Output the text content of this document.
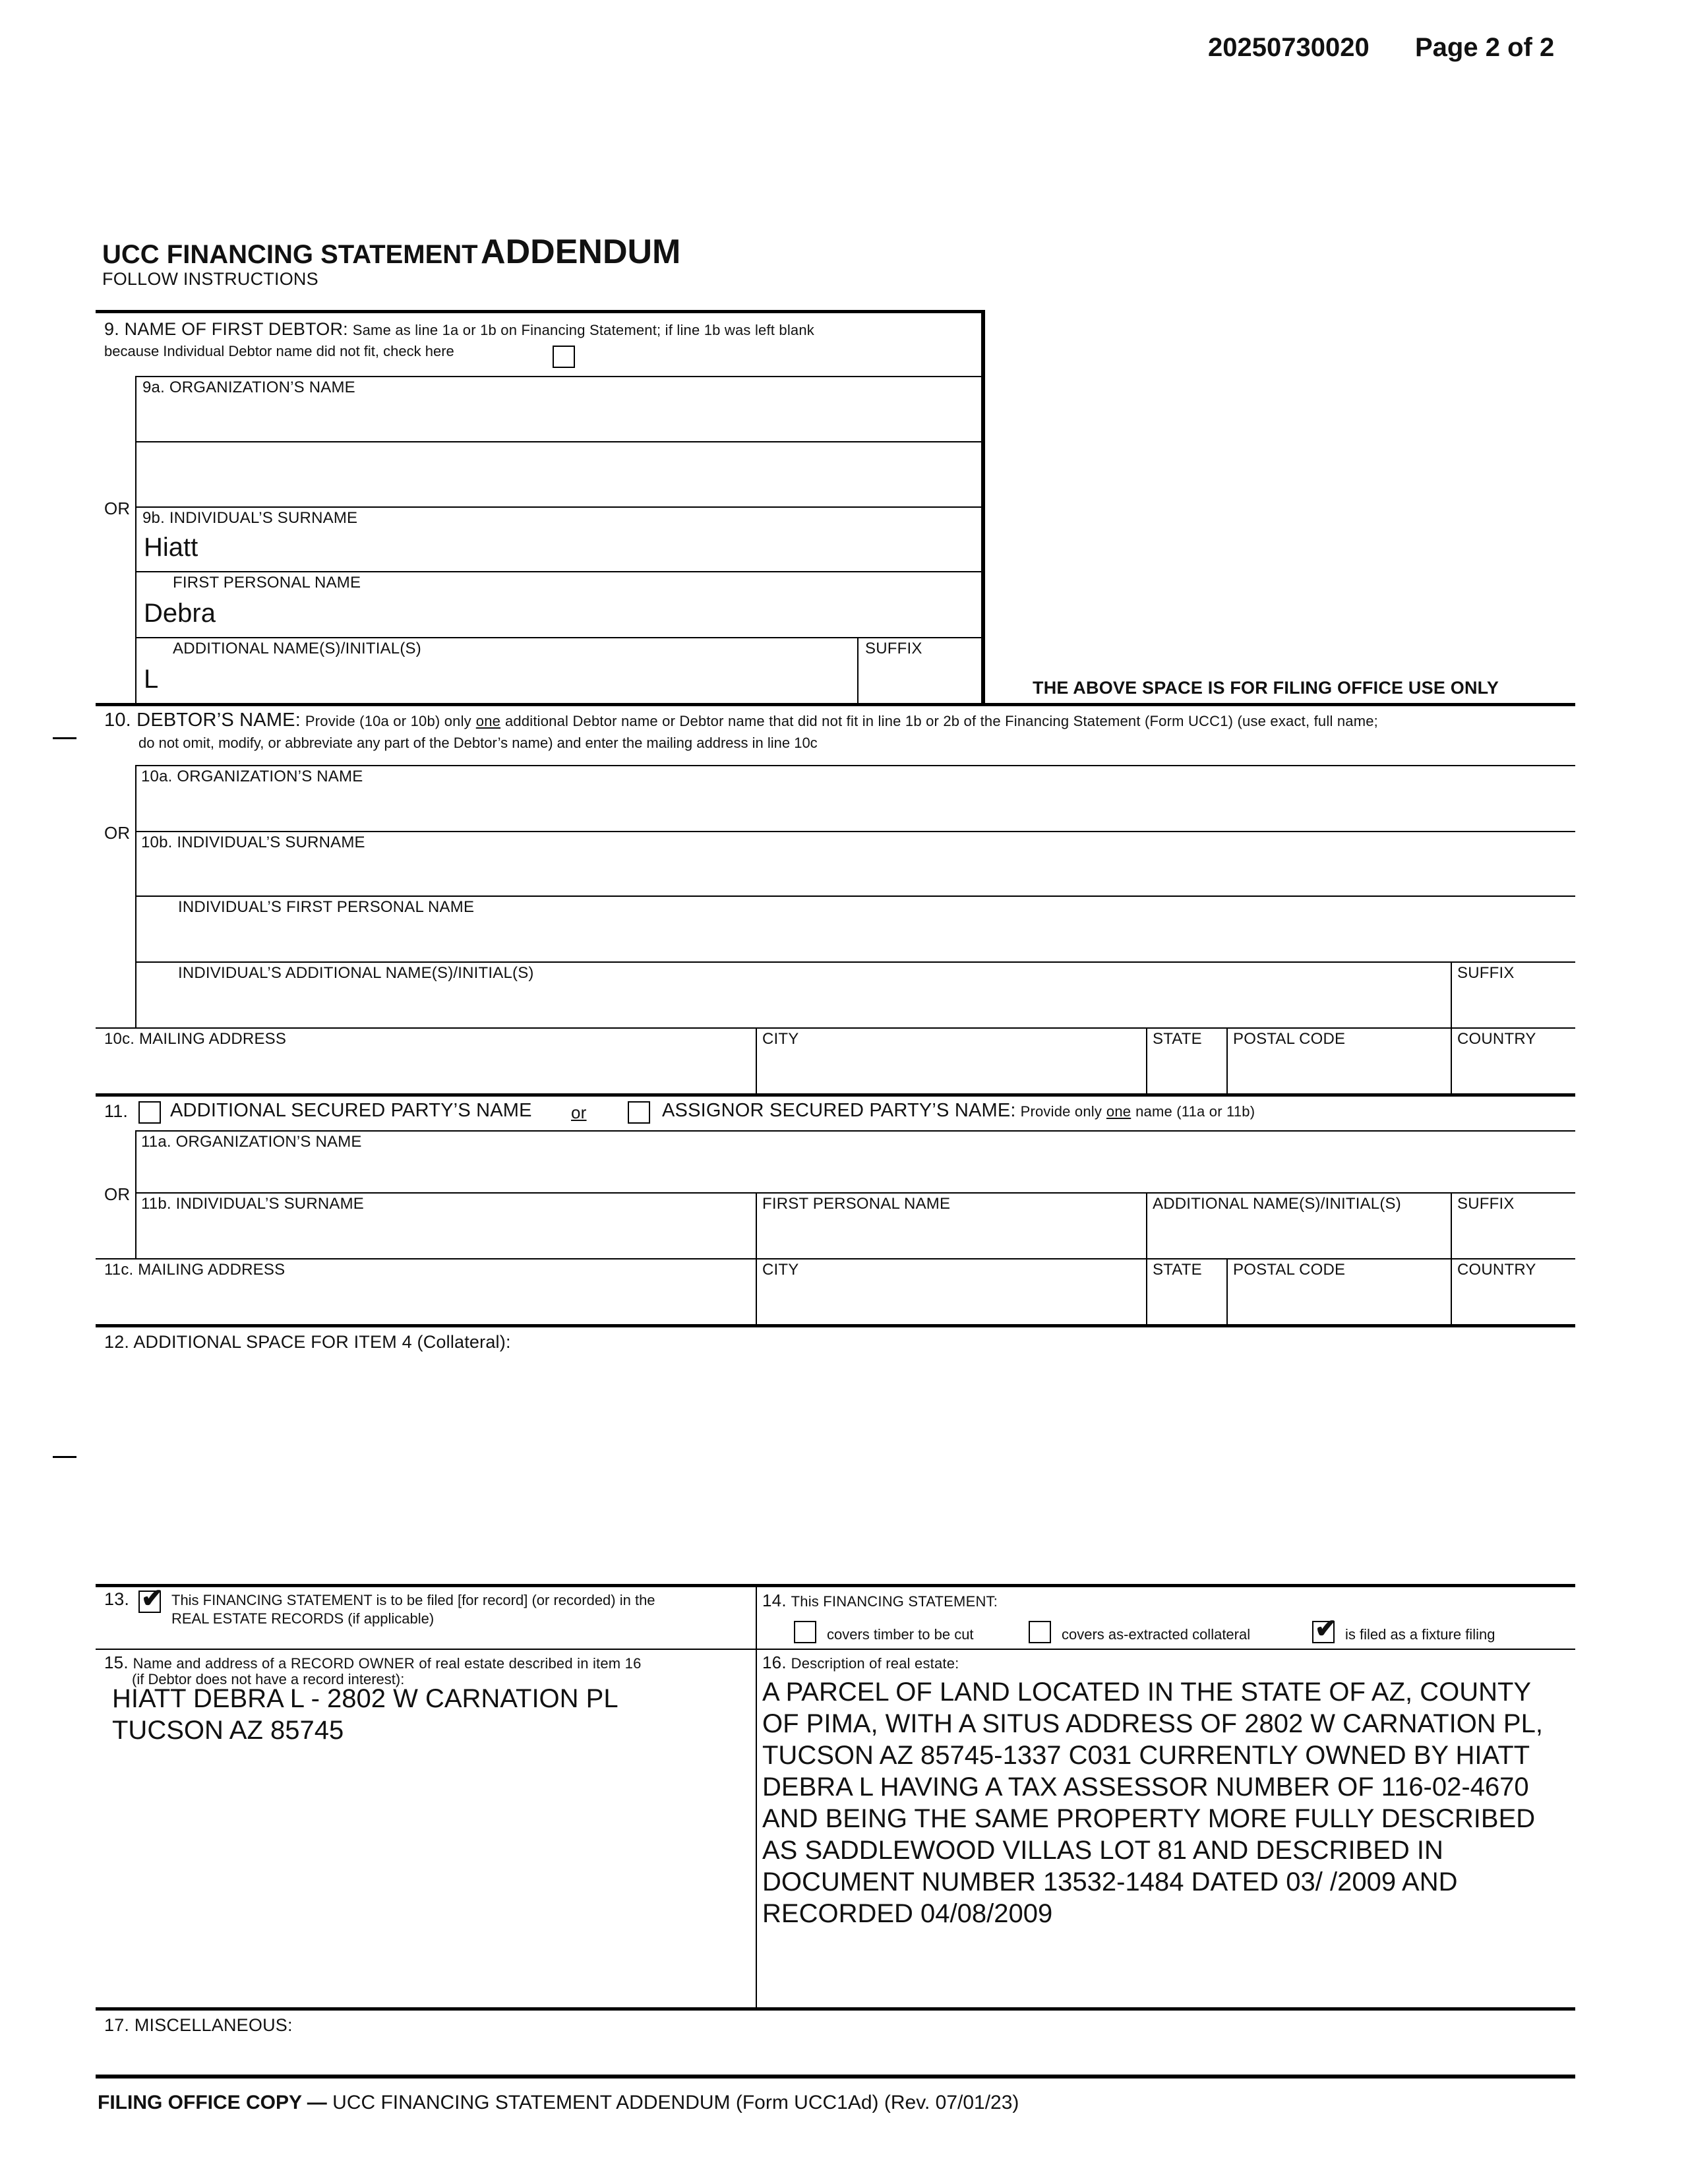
20250730020 Page 2 of 2
UCC FINANCING STATEMENT ADDENDUM
FOLLOW INSTRUCTIONS
9. NAME OF FIRST DEBTOR: Same as line 1a or 1b on Financing Statement; if line 1b was left blank
because Individual Debtor name did not fit, check here
9a. ORGANIZATION’S NAME
OR 9b. INDIVIDUAL’S SURNAME
Hiatt
FIRST PERSONAL NAME
Debra
ADDITIONAL NAME(S)/INITIAL(S)	SUFFIX
L	THE ABOVE SPACE IS FOR FILING OFFICE USE ONLY
10. DEBTOR’S NAME: Provide (10a or 10b) only one additional Debtor name or Debtor name that did not fit in line 1b or 2b of the Financing Statement (Form UCC1) (use exact, full name;
do not omit, modify, or abbreviate any part of the Debtor’s name) and enter the mailing address in line 10c
10a. ORGANIZATION’S NAME
OR 10b. INDIVIDUAL’S SURNAME
INDIVIDUAL’S FIRST PERSONAL NAME
INDIVIDUAL’S ADDITIONAL NAME(S)/INITIAL(S)	SUFFIX
10c. MAILING ADDRESS	CITY	STATE POSTAL CODE	COUNTRY
11. ADDITIONAL SECURED PARTY’S NAME or	ASSIGNOR SECURED PARTY’S NAME: Provide only one name (11a or 11b)
11a. ORGANIZATION’S NAME
OR 11b. INDIVIDUAL’S SURNAME	FIRST PERSONAL NAME	ADDITIONAL NAME(S)/INITIAL(S)	SUFFIX
11c. MAILING ADDRESS	CITY	STATE POSTAL CODE	COUNTRY
12. ADDITIONAL SPACE FOR ITEM 4 (Collateral):
13. ✔ This FINANCING STATEMENT is to be filed [for record] (or recorded) in the
REAL ESTATE RECORDS (if applicable)
14. This FINANCING STATEMENT:
covers timber to be cut	covers as-extracted collateral ✔ is filed as a fixture filing
15. Name and address of a RECORD OWNER of real estate described in item 16
(if Debtor does not have a record interest):
HIATT DEBRA L - 2802 W CARNATION PL
TUCSON AZ 85745
16. Description of real estate:
A PARCEL OF LAND LOCATED IN THE STATE OF AZ, COUNTY
OF PIMA, WITH A SITUS ADDRESS OF 2802 W CARNATION PL,
TUCSON AZ 85745-1337 C031 CURRENTLY OWNED BY HIATT
DEBRA L HAVING A TAX ASSESSOR NUMBER OF 116-02-4670
AND BEING THE SAME PROPERTY MORE FULLY DESCRIBED
AS SADDLEWOOD VILLAS LOT 81 AND DESCRIBED IN
DOCUMENT NUMBER 13532-1484 DATED 03/ /2009 AND
RECORDED 04/08/2009
17. MISCELLANEOUS:
FILING OFFICE COPY — UCC FINANCING STATEMENT ADDENDUM (Form UCC1Ad) (Rev. 07/01/23)
